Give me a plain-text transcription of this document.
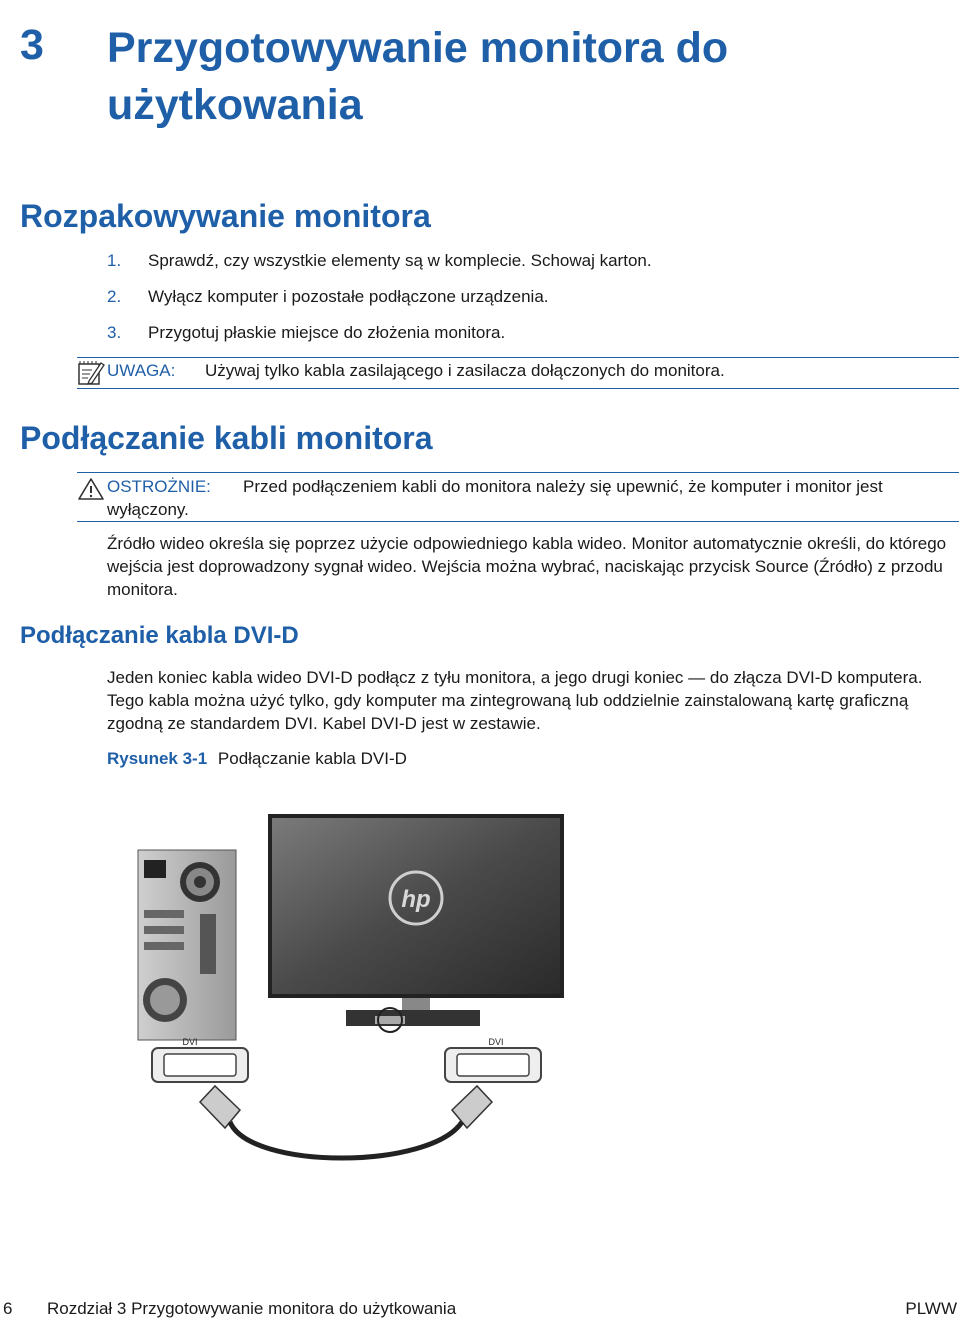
3 Przygotowywanie monitora do użytkowania
Rozpakowywanie monitora
1.	Sprawdź, czy wszystkie elementy są w komplecie. Schowaj karton.
2.	Wyłącz komputer i pozostałe podłączone urządzenia.
3.	Przygotuj płaskie miejsce do złożenia monitora.
UWAGA: Używaj tylko kabla zasilającego i zasilacza dołączonych do monitora.
Podłączanie kabli monitora
OSTROŻNIE: Przed podłączeniem kabli do monitora należy się upewnić, że komputer i monitor jest wyłączony.
Źródło wideo określa się poprzez użycie odpowiedniego kabla wideo. Monitor automatycznie określi, do którego wejścia jest doprowadzony sygnał wideo. Wejścia można wybrać, naciskając przycisk Source (Źródło) z przodu monitora.
Podłączanie kabla DVI-D
Jeden koniec kabla wideo DVI-D podłącz z tyłu monitora, a jego drugi koniec — do złącza DVI-D komputera. Tego kabla można użyć tylko, gdy komputer ma zintegrowaną lub oddzielnie zainstalowaną kartę graficzną zgodną ze standardem DVI. Kabel DVI-D jest w zestawie.
Rysunek 3-1 Podłączanie kabla DVI-D
hp
DVI	DVI
6 Rozdział 3 Przygotowywanie monitora do użytkowania	PLWW
